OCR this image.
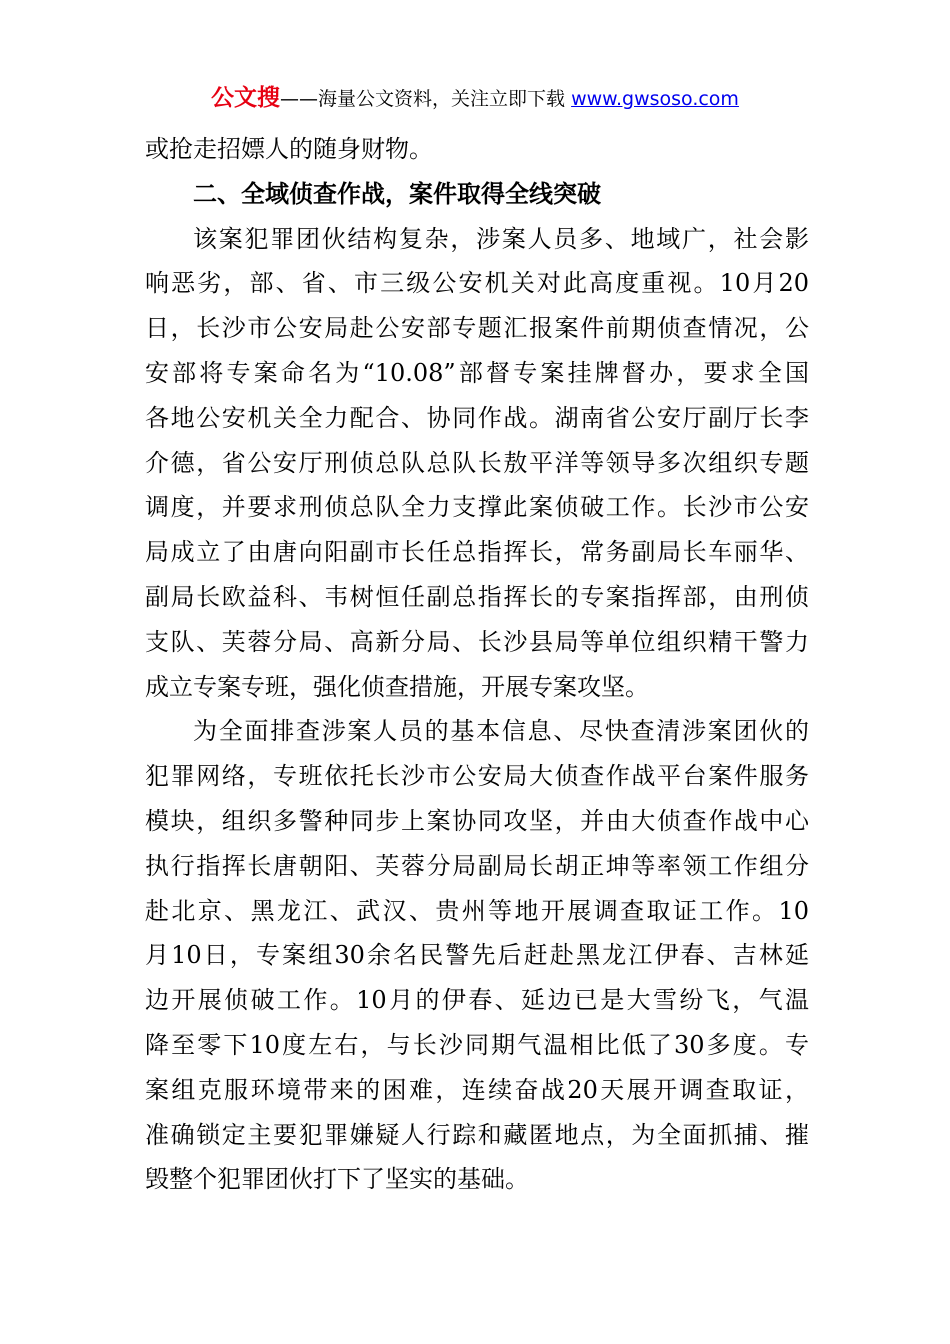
公文搜——海量公文资料，关注立即下载 www.gwsoso.com
或抢走招嫖人的随身财物。
二、全域侦查作战，案件取得全线突破
该案犯罪团伙结构复杂，涉案人员多、地域广，社会影
响恶劣，部、省、市三级公安机关对此高度重视。10月20
日，长沙市公安局赴公安部专题汇报案件前期侦查情况，公
安部将专案命名为“10.08”部督专案挂牌督办，要求全国
各地公安机关全力配合、协同作战。湖南省公安厅副厅长李
介德，省公安厅刑侦总队总队长敖平洋等领导多次组织专题
调度，并要求刑侦总队全力支撑此案侦破工作。长沙市公安
局成立了由唐向阳副市长任总指挥长，常务副局长车丽华、
副局长欧益科、韦树恒任副总指挥长的专案指挥部，由刑侦
支队、芙蓉分局、高新分局、长沙县局等单位组织精干警力
成立专案专班，强化侦查措施，开展专案攻坚。
为全面排查涉案人员的基本信息、尽快查清涉案团伙的
犯罪网络，专班依托长沙市公安局大侦查作战平台案件服务
模块，组织多警种同步上案协同攻坚，并由大侦查作战中心
执行指挥长唐朝阳、芙蓉分局副局长胡正坤等率领工作组分
赴北京、黑龙江、武汉、贵州等地开展调查取证工作。10
月10日，专案组30余名民警先后赶赴黑龙江伊春、吉林延
边开展侦破工作。10月的伊春、延边已是大雪纷飞，气温
降至零下10度左右，与长沙同期气温相比低了30多度。专
案组克服环境带来的困难，连续奋战20天展开调查取证，
准确锁定主要犯罪嫌疑人行踪和藏匿地点，为全面抓捕、摧
毁整个犯罪团伙打下了坚实的基础。
